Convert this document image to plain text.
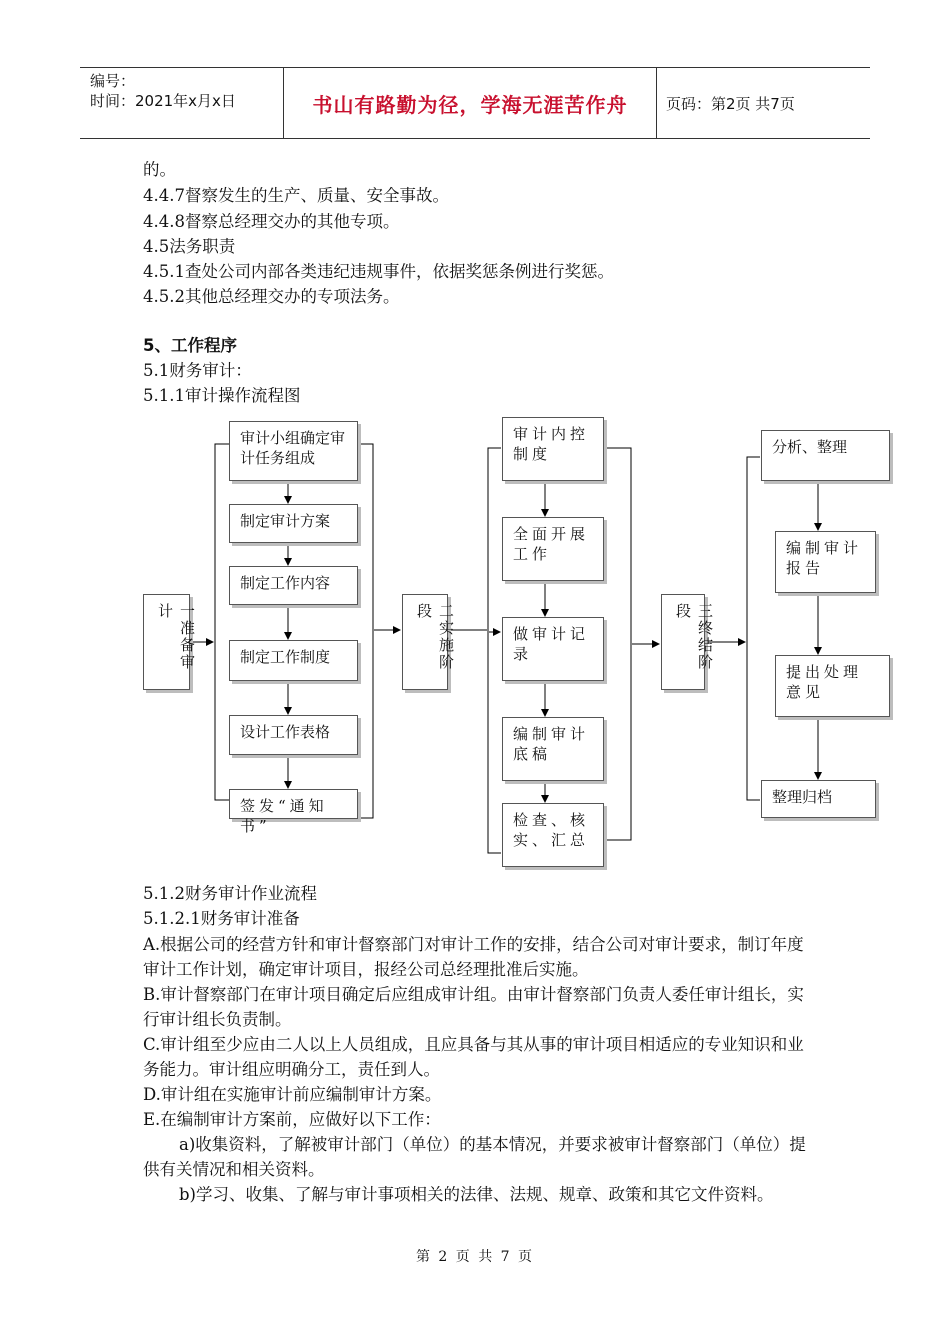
编号：
时间：2021年x月x日	书山有路勤为径，学海无涯苦作舟	页码：第2页 共7页
的。
4.4.7督察发生的生产、质量、安全事故。
4.4.8督察总经理交办的其他专项。
4.5法务职责
4.5.1查处公司内部各类违纪违规事件，依据奖惩条例进行奖惩。
4.5.2其他总经理交办的专项法务。
5、工作程序
5.1财务审计：
5.1.1审计操作流程图
一准备审计	二实施阶段	三终结阶段
审计小组确定审计任务组成
制定审计方案
制定工作内容
制定工作制度
设计工作表格
签发“通知书”
审计内控制度
全面开展工作
做审计记录
编制审计底稿
检查、核实、汇总
分析、整理
编制审计报告
提出处理意见
整理归档
5.1.2财务审计作业流程
5.1.2.1财务审计准备
A.根据公司的经营方针和审计督察部门对审计工作的安排，结合公司对审计要求，制订年度审计工作计划，确定审计项目，报经公司总经理批准后实施。
B.审计督察部门在审计项目确定后应组成审计组。由审计督察部门负责人委任审计组长，实行审计组长负责制。
C.审计组至少应由二人以上人员组成，且应具备与其从事的审计项目相适应的专业知识和业务能力。审计组应明确分工，责任到人。
D.审计组在实施审计前应编制审计方案。
E.在编制审计方案前，应做好以下工作：
a)收集资料，了解被审计部门（单位）的基本情况，并要求被审计督察部门（单位）提供有关情况和相关资料。
b)学习、收集、了解与审计事项相关的法律、法规、规章、政策和其它文件资料。
第 2 页 共 7 页
